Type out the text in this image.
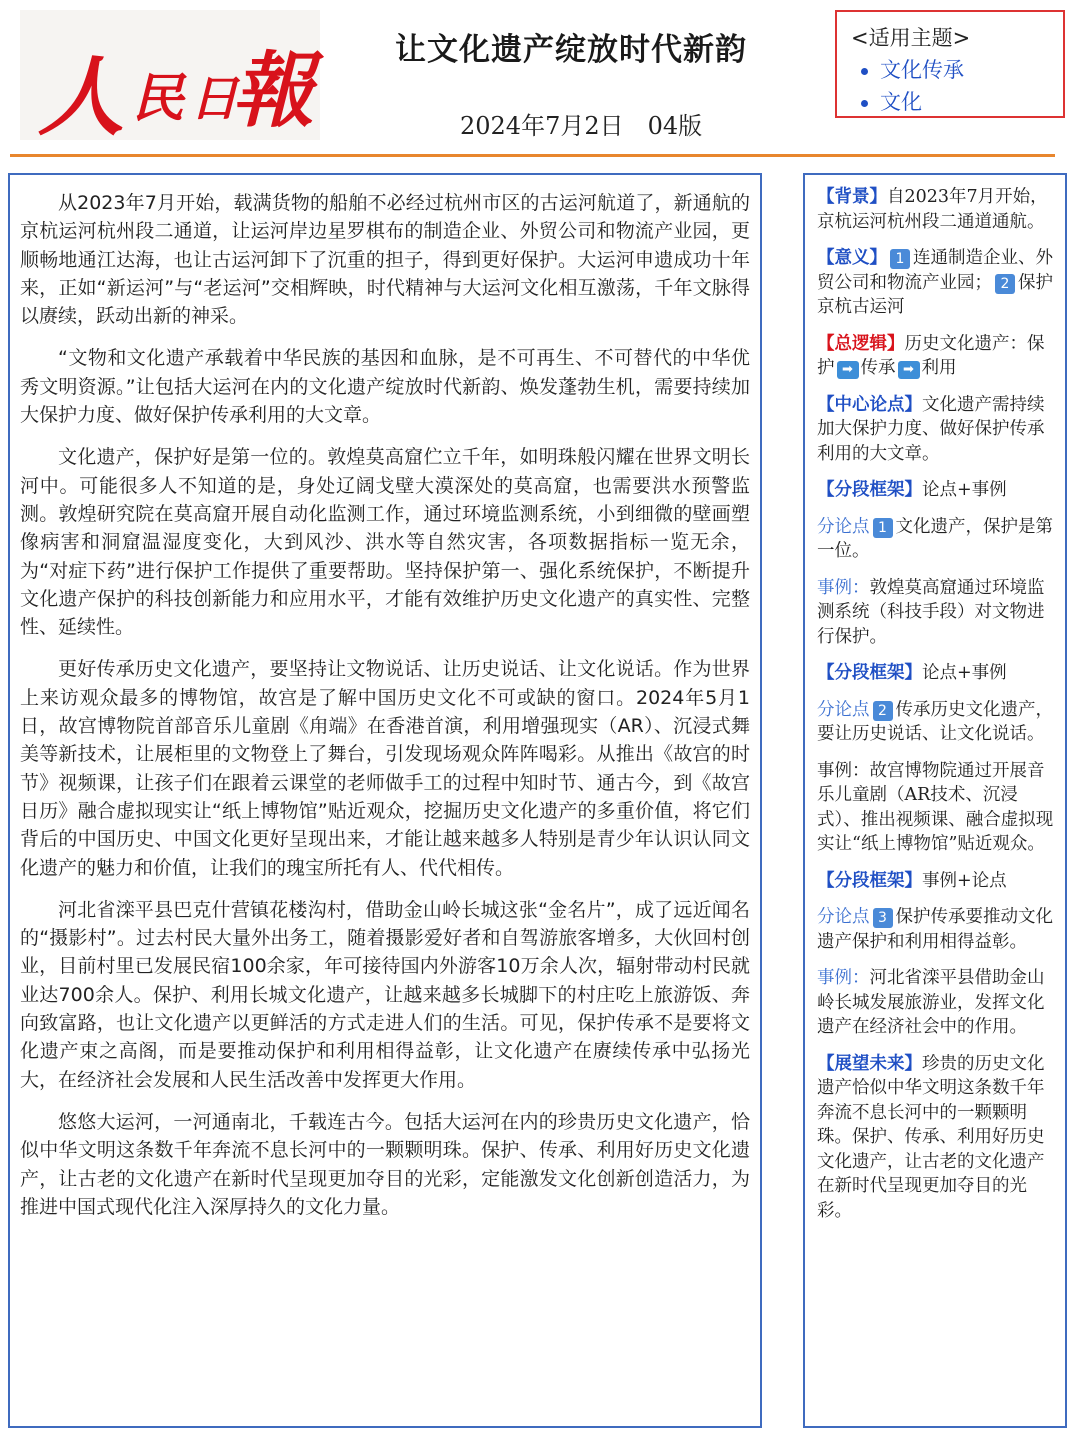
人 民 日
報	让文化遗产绽放时代新韵
2024年7月2日　04版
<适用主题>
文化传承
文化

从2023年7月开始，载满货物的船舶不必经过杭州市区的古运河航道了，新通航的京杭运河杭州段二通道，让运河岸边星罗棋布的制造企业、外贸公司和物流产业园，更顺畅地通江达海，也让古运河卸下了沉重的担子，得到更好保护。大运河申遗成功十年来，正如“新运河”与“老运河”交相辉映，时代精神与大运河文化相互激荡，千年文脉得以赓续，跃动出新的神采。

“文物和文化遗产承载着中华民族的基因和血脉，是不可再生、不可替代的中华优秀文明资源。”让包括大运河在内的文化遗产绽放时代新韵、焕发蓬勃生机，需要持续加大保护力度、做好保护传承利用的大文章。

文化遗产，保护好是第一位的。敦煌莫高窟伫立千年，如明珠般闪耀在世界文明长河中。可能很多人不知道的是，身处辽阔戈壁大漠深处的莫高窟，也需要洪水预警监测。敦煌研究院在莫高窟开展自动化监测工作，通过环境监测系统，小到细微的壁画塑像病害和洞窟温湿度变化，大到风沙、洪水等自然灾害，各项数据指标一览无余，为“对症下药”进行保护工作提供了重要帮助。坚持保护第一、强化系统保护，不断提升文化遗产保护的科技创新能力和应用水平，才能有效维护历史文化遗产的真实性、完整性、延续性。

更好传承历史文化遗产，要坚持让文物说话、让历史说话、让文化说话。作为世界上来访观众最多的博物馆，故宫是了解中国历史文化不可或缺的窗口。2024年5月1日，故宫博物院首部音乐儿童剧《甪端》在香港首演，利用增强现实（AR）、沉浸式舞美等新技术，让展柜里的文物登上了舞台，引发现场观众阵阵喝彩。从推出《故宫的时节》视频课，让孩子们在跟着云课堂的老师做手工的过程中知时节、通古今，到《故宫日历》融合虚拟现实让“纸上博物馆”贴近观众，挖掘历史文化遗产的多重价值，将它们背后的中国历史、中国文化更好呈现出来，才能让越来越多人特别是青少年认识认同文化遗产的魅力和价值，让我们的瑰宝所托有人、代代相传。

河北省滦平县巴克什营镇花楼沟村，借助金山岭长城这张“金名片”，成了远近闻名的“摄影村”。过去村民大量外出务工，随着摄影爱好者和自驾游旅客增多，大伙回村创业，目前村里已发展民宿100余家，年可接待国内外游客10万余人次，辐射带动村民就业达700余人。保护、利用长城文化遗产，让越来越多长城脚下的村庄吃上旅游饭、奔向致富路，也让文化遗产以更鲜活的方式走进人们的生活。可见，保护传承不是要将文化遗产束之高阁，而是要推动保护和利用相得益彰，让文化遗产在赓续传承中弘扬光大，在经济社会发展和人民生活改善中发挥更大作用。

悠悠大运河，一河通南北，千载连古今。包括大运河在内的珍贵历史文化遗产，恰似中华文明这条数千年奔流不息长河中的一颗颗明珠。保护、传承、利用好历史文化遗产，让古老的文化遗产在新时代呈现更加夺目的光彩，定能激发文化创新创造活力，为推进中国式现代化注入深厚持久的文化力量。

【背景】自2023年7月开始，京杭运河杭州段二通道通航。
【意义】 1 连通制造企业、外贸公司和物流产业园； 2 保护京杭古运河
【总逻辑】历史文化遗产：保护 ➡ 传承 ➡ 利用
【中心论点】文化遗产需持续加大保护力度、做好保护传承利用的大文章。
【分段框架】论点+事例
分论点 1 文化遗产，保护是第一位。
事例：敦煌莫高窟通过环境监测系统（科技手段）对文物进行保护。
【分段框架】论点+事例
分论点 2 传承历史文化遗产，要让历史说话、让文化说话。
事例：故宫博物院通过开展音乐儿童剧（AR技术、沉浸式）、推出视频课、融合虚拟现实让“纸上博物馆”贴近观众。
【分段框架】事例+论点
分论点 3 保护传承要推动文化遗产保护和利用相得益彰。
事例：河北省滦平县借助金山岭长城发展旅游业，发挥文化遗产在经济社会中的作用。
【展望未来】珍贵的历史文化遗产恰似中华文明这条数千年奔流不息长河中的一颗颗明珠。保护、传承、利用好历史文化遗产，让古老的文化遗产在新时代呈现更加夺目的光彩。
